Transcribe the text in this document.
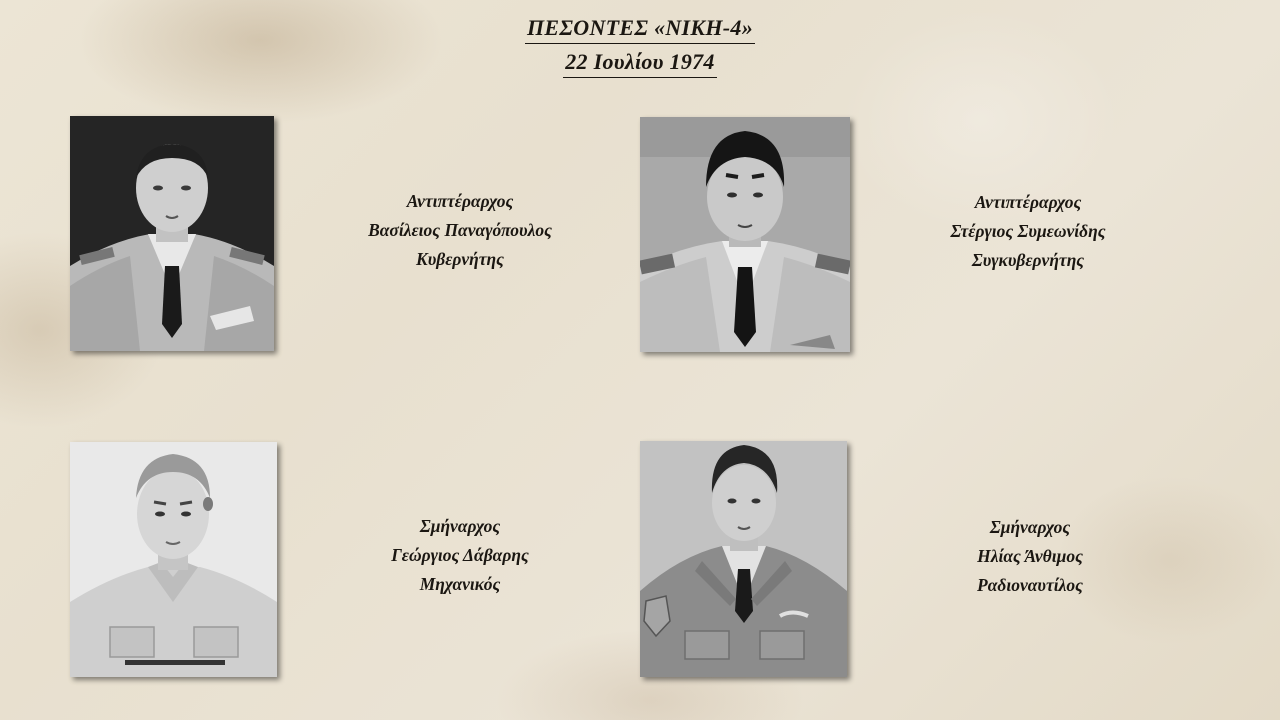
ΠΕΣΟΝΤΕΣ «ΝΙΚΗ-4»
22 Ιουλίου 1974
Αντιπτέραρχος
Βασίλειος Παναγόπουλος
Κυβερνήτης
Αντιπτέραρχος
Στέργιος Συμεωνίδης
Συγκυβερνήτης
Σμήναρχος
Γεώργιος Δάβαρης
Μηχανικός
Σμήναρχος
Ηλίας Άνθιμος
Ραδιοναυτίλος
